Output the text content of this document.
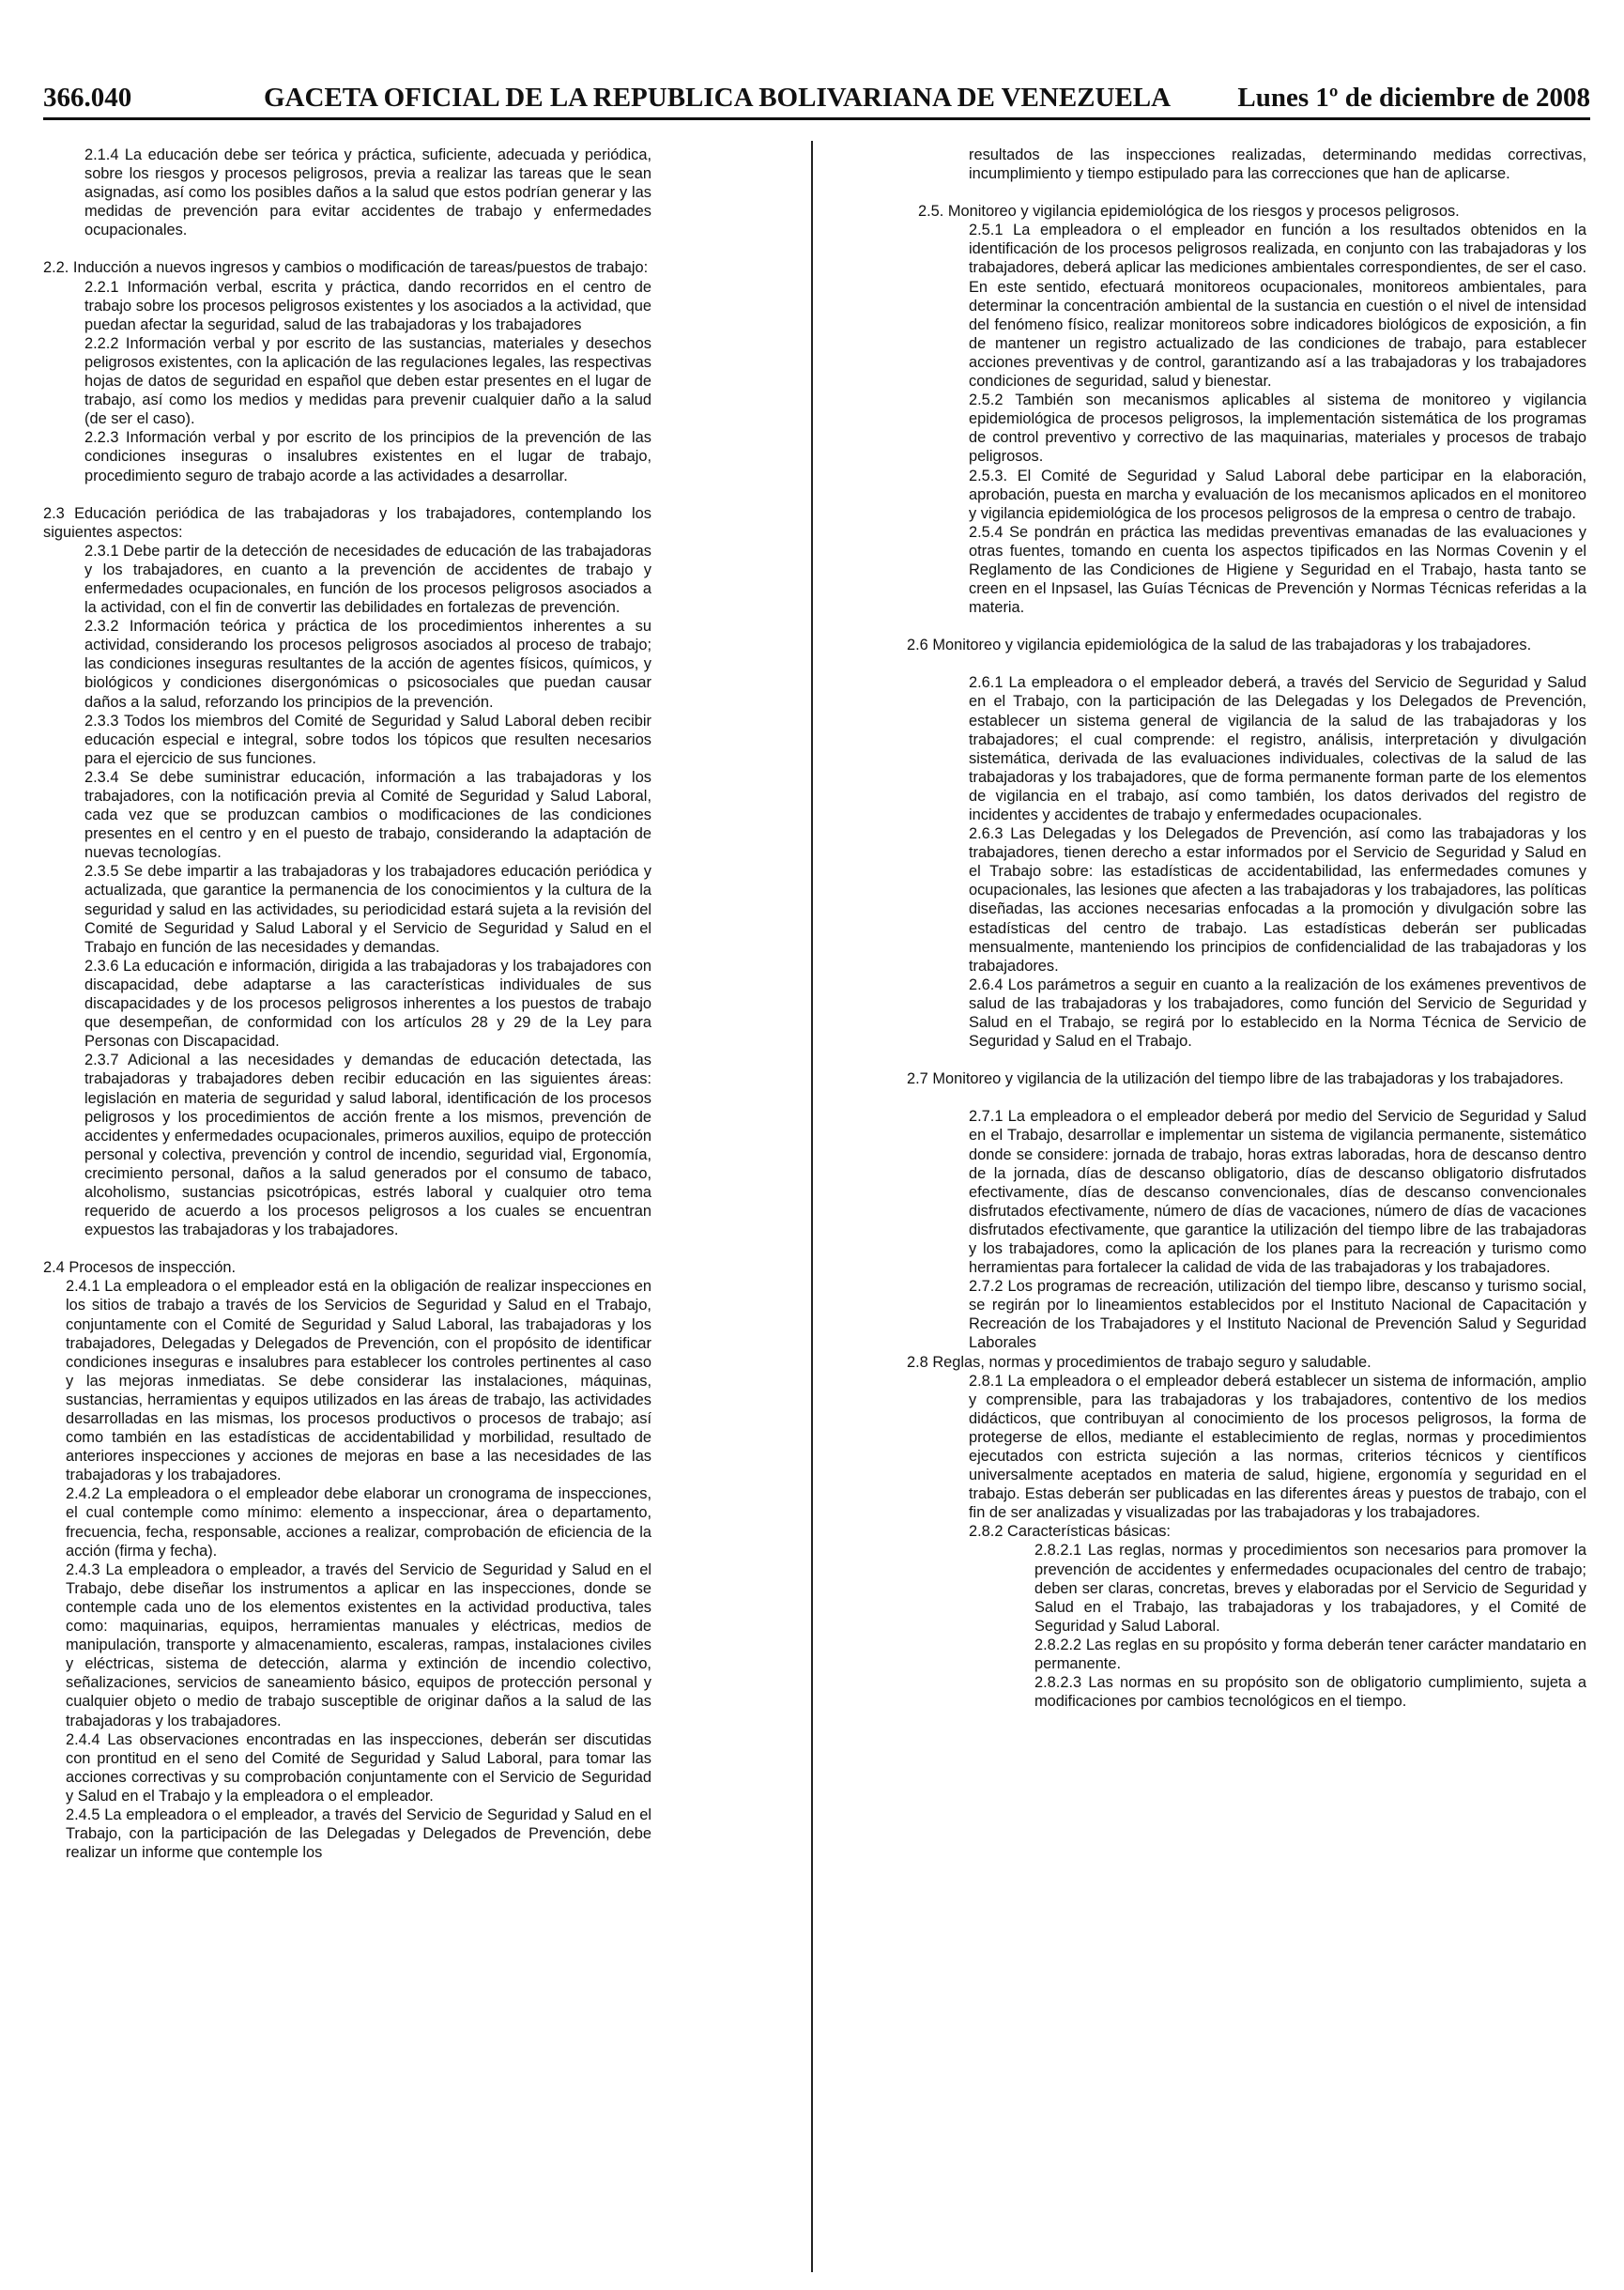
366.040	GACETA OFICIAL DE LA REPUBLICA BOLIVARIANA DE VENEZUELA Lunes 1º de diciembre de 2008

2.1.4 La educación debe ser teórica y práctica, suficiente, adecuada y periódica, sobre los riesgos y procesos peligrosos, previa a realizar las tareas que le sean asignadas, así como los posibles daños a la salud que estos podrían generar y las medidas de prevención para evitar accidentes de trabajo y enfermedades ocupacionales.

2.2. Inducción a nuevos ingresos y cambios o modificación de tareas/puestos de trabajo:

2.2.1 Información verbal, escrita y práctica, dando recorridos en el centro de trabajo sobre los procesos peligrosos existentes y los asociados a la actividad, que puedan afectar la seguridad, salud de las trabajadoras y los trabajadores

2.2.2 Información verbal y por escrito de las sustancias, materiales y desechos peligrosos existentes, con la aplicación de las regulaciones legales, las respectivas hojas de datos de seguridad en español que deben estar presentes en el lugar de trabajo, así como los medios y medidas para prevenir cualquier daño a la salud (de ser el caso).

2.2.3 Información verbal y por escrito de los principios de la prevención de las condiciones inseguras o insalubres existentes en el lugar de trabajo, procedimiento seguro de trabajo acorde a las actividades a desarrollar.

2.3 Educación periódica de las trabajadoras y los trabajadores, contemplando los siguientes aspectos:

2.3.1 Debe partir de la detección de necesidades de educación de las trabajadoras y los trabajadores, en cuanto a la prevención de accidentes de trabajo y enfermedades ocupacionales, en función de los procesos peligrosos asociados a la actividad, con el fin de convertir las debilidades en fortalezas de prevención.

2.3.2 Información teórica y práctica de los procedimientos inherentes a su actividad, considerando los procesos peligrosos asociados al proceso de trabajo; las condiciones inseguras resultantes de la acción de agentes físicos, químicos, y biológicos y condiciones disergonómicas o psicosociales que puedan causar daños a la salud, reforzando los principios de la prevención.

2.3.3 Todos los miembros del Comité de Seguridad y Salud Laboral deben recibir educación especial e integral, sobre todos los tópicos que resulten necesarios para el ejercicio de sus funciones.

2.3.4 Se debe suministrar educación, información a las trabajadoras y los trabajadores, con la notificación previa al Comité de Seguridad y Salud Laboral, cada vez que se produzcan cambios o modificaciones de las condiciones presentes en el centro y en el puesto de trabajo, considerando la adaptación de nuevas tecnologías.

2.3.5 Se debe impartir a las trabajadoras y los trabajadores educación periódica y actualizada, que garantice la permanencia de los conocimientos y la cultura de la seguridad y salud en las actividades, su periodicidad estará sujeta a la revisión del Comité de Seguridad y Salud Laboral y el Servicio de Seguridad y Salud en el Trabajo en función de las necesidades y demandas.

2.3.6 La educación e información, dirigida a las trabajadoras y los trabajadores con discapacidad, debe adaptarse a las características individuales de sus discapacidades y de los procesos peligrosos inherentes a los puestos de trabajo que desempeñan, de conformidad con los artículos 28 y 29 de la Ley para Personas con Discapacidad.

2.3.7 Adicional a las necesidades y demandas de educación detectada, las trabajadoras y trabajadores deben recibir educación en las siguientes áreas: legislación en materia de seguridad y salud laboral, identificación de los procesos peligrosos y los procedimientos de acción frente a los mismos, prevención de accidentes y enfermedades ocupacionales, primeros auxilios, equipo de protección personal y colectiva, prevención y control de incendio, seguridad vial, Ergonomía, crecimiento personal, daños a la salud generados por el consumo de tabaco, alcoholismo, sustancias psicotrópicas, estrés laboral y cualquier otro tema requerido de acuerdo a los procesos peligrosos a los cuales se encuentran expuestos las trabajadoras y los trabajadores.

2.4 Procesos de inspección.

2.4.1 La empleadora o el empleador está en la obligación de realizar inspecciones en los sitios de trabajo a través de los Servicios de Seguridad y Salud en el Trabajo, conjuntamente con el Comité de Seguridad y Salud Laboral, las trabajadoras y los trabajadores, Delegadas y Delegados de Prevención, con el propósito de identificar condiciones inseguras e insalubres para establecer los controles pertinentes al caso y las mejoras inmediatas. Se debe considerar las instalaciones, máquinas, sustancias, herramientas y equipos utilizados en las áreas de trabajo, las actividades desarrolladas en las mismas, los procesos productivos o procesos de trabajo; así como también en las estadísticas de accidentabilidad y morbilidad, resultado de anteriores inspecciones y acciones de mejoras en base a las necesidades de las trabajadoras y los trabajadores.

2.4.2 La empleadora o el empleador debe elaborar un cronograma de inspecciones, el cual contemple como mínimo: elemento a inspeccionar, área o departamento, frecuencia, fecha, responsable, acciones a realizar, comprobación de eficiencia de la acción (firma y fecha).

2.4.3 La empleadora o empleador, a través del Servicio de Seguridad y Salud en el Trabajo, debe diseñar los instrumentos a aplicar en las inspecciones, donde se contemple cada uno de los elementos existentes en la actividad productiva, tales como: maquinarias, equipos, herramientas manuales y eléctricas, medios de manipulación, transporte y almacenamiento, escaleras, rampas, instalaciones civiles y eléctricas, sistema de detección, alarma y extinción de incendio colectivo, señalizaciones, servicios de saneamiento básico, equipos de protección personal y cualquier objeto o medio de trabajo susceptible de originar daños a la salud de las trabajadoras y los trabajadores.

2.4.4 Las observaciones encontradas en las inspecciones, deberán ser discutidas con prontitud en el seno del Comité de Seguridad y Salud Laboral, para tomar las acciones correctivas y su comprobación conjuntamente con el Servicio de Seguridad y Salud en el Trabajo y la empleadora o el empleador.

2.4.5 La empleadora o el empleador, a través del Servicio de Seguridad y Salud en el Trabajo, con la participación de las Delegadas y Delegados de Prevención, debe realizar un informe que contemple los

resultados de las inspecciones realizadas, determinando medidas correctivas, incumplimiento y tiempo estipulado para las correcciones que han de aplicarse.

2.5. Monitoreo y vigilancia epidemiológica de los riesgos y procesos peligrosos.

2.5.1 La empleadora o el empleador en función a los resultados obtenidos en la identificación de los procesos peligrosos realizada, en conjunto con las trabajadoras y los trabajadores, deberá aplicar las mediciones ambientales correspondientes, de ser el caso. En este sentido, efectuará monitoreos ocupacionales, monitoreos ambientales, para determinar la concentración ambiental de la sustancia en cuestión o el nivel de intensidad del fenómeno físico, realizar monitoreos sobre indicadores biológicos de exposición, a fin de mantener un registro actualizado de las condiciones de trabajo, para establecer acciones preventivas y de control, garantizando así a las trabajadoras y los trabajadores condiciones de seguridad, salud y bienestar.

2.5.2 También son mecanismos aplicables al sistema de monitoreo y vigilancia epidemiológica de procesos peligrosos, la implementación sistemática de los programas de control preventivo y correctivo de las maquinarias, materiales y procesos de trabajo peligrosos.

2.5.3. El Comité de Seguridad y Salud Laboral debe participar en la elaboración, aprobación, puesta en marcha y evaluación de los mecanismos aplicados en el monitoreo y vigilancia epidemiológica de los procesos peligrosos de la empresa o centro de trabajo.

2.5.4 Se pondrán en práctica las medidas preventivas emanadas de las evaluaciones y otras fuentes, tomando en cuenta los aspectos tipificados en las Normas Covenin y el Reglamento de las Condiciones de Higiene y Seguridad en el Trabajo, hasta tanto se creen en el Inpsasel, las Guías Técnicas de Prevención y Normas Técnicas referidas a la materia.

2.6 Monitoreo y vigilancia epidemiológica de la salud de las trabajadoras y los trabajadores.

2.6.1 La empleadora o el empleador deberá, a través del Servicio de Seguridad y Salud en el Trabajo, con la participación de las Delegadas y los Delegados de Prevención, establecer un sistema general de vigilancia de la salud de las trabajadoras y los trabajadores; el cual comprende: el registro, análisis, interpretación y divulgación sistemática, derivada de las evaluaciones individuales, colectivas de la salud de las trabajadoras y los trabajadores, que de forma permanente forman parte de los elementos de vigilancia en el trabajo, así como también, los datos derivados del registro de incidentes y accidentes de trabajo y enfermedades ocupacionales.

2.6.3 Las Delegadas y los Delegados de Prevención, así como las trabajadoras y los trabajadores, tienen derecho a estar informados por el Servicio de Seguridad y Salud en el Trabajo sobre: las estadísticas de accidentabilidad, las enfermedades comunes y ocupacionales, las lesiones que afecten a las trabajadoras y los trabajadores, las políticas diseñadas, las acciones necesarias enfocadas a la promoción y divulgación sobre las estadísticas del centro de trabajo. Las estadísticas deberán ser publicadas mensualmente, manteniendo los principios de confidencialidad de las trabajadoras y los trabajadores.

2.6.4 Los parámetros a seguir en cuanto a la realización de los exámenes preventivos de salud de las trabajadoras y los trabajadores, como función del Servicio de Seguridad y Salud en el Trabajo, se regirá por lo establecido en la Norma Técnica de Servicio de Seguridad y Salud en el Trabajo.

2.7 Monitoreo y vigilancia de la utilización del tiempo libre de las trabajadoras y los trabajadores.

2.7.1 La empleadora o el empleador deberá por medio del Servicio de Seguridad y Salud en el Trabajo, desarrollar e implementar un sistema de vigilancia permanente, sistemático donde se considere: jornada de trabajo, horas extras laboradas, hora de descanso dentro de la jornada, días de descanso obligatorio, días de descanso obligatorio disfrutados efectivamente, días de descanso convencionales, días de descanso convencionales disfrutados efectivamente, número de días de vacaciones, número de días de vacaciones disfrutados efectivamente, que garantice la utilización del tiempo libre de las trabajadoras y los trabajadores, como la aplicación de los planes para la recreación y turismo como herramientas para fortalecer la calidad de vida de las trabajadoras y los trabajadores.

2.7.2 Los programas de recreación, utilización del tiempo libre, descanso y turismo social, se regirán por lo lineamientos establecidos por el Instituto Nacional de Capacitación y Recreación de los Trabajadores y el Instituto Nacional de Prevención Salud y Seguridad Laborales

2.8 Reglas, normas y procedimientos de trabajo seguro y saludable.

2.8.1 La empleadora o el empleador deberá establecer un sistema de información, amplio y comprensible, para las trabajadoras y los trabajadores, contentivo de los medios didácticos, que contribuyan al conocimiento de los procesos peligrosos, la forma de protegerse de ellos, mediante el establecimiento de reglas, normas y procedimientos ejecutados con estricta sujeción a las normas, criterios técnicos y científicos universalmente aceptados en materia de salud, higiene, ergonomía y seguridad en el trabajo. Estas deberán ser publicadas en las diferentes áreas y puestos de trabajo, con el fin de ser analizadas y visualizadas por las trabajadoras y los trabajadores.

2.8.2 Características básicas:

2.8.2.1 Las reglas, normas y procedimientos son necesarios para promover la prevención de accidentes y enfermedades ocupacionales del centro de trabajo; deben ser claras, concretas, breves y elaboradas por el Servicio de Seguridad y Salud en el Trabajo, las trabajadoras y los trabajadores, y el Comité de Seguridad y Salud Laboral.

2.8.2.2 Las reglas en su propósito y forma deberán tener carácter mandatario en permanente.

2.8.2.3 Las normas en su propósito son de obligatorio cumplimiento, sujeta a modificaciones por cambios tecnológicos en el tiempo.
